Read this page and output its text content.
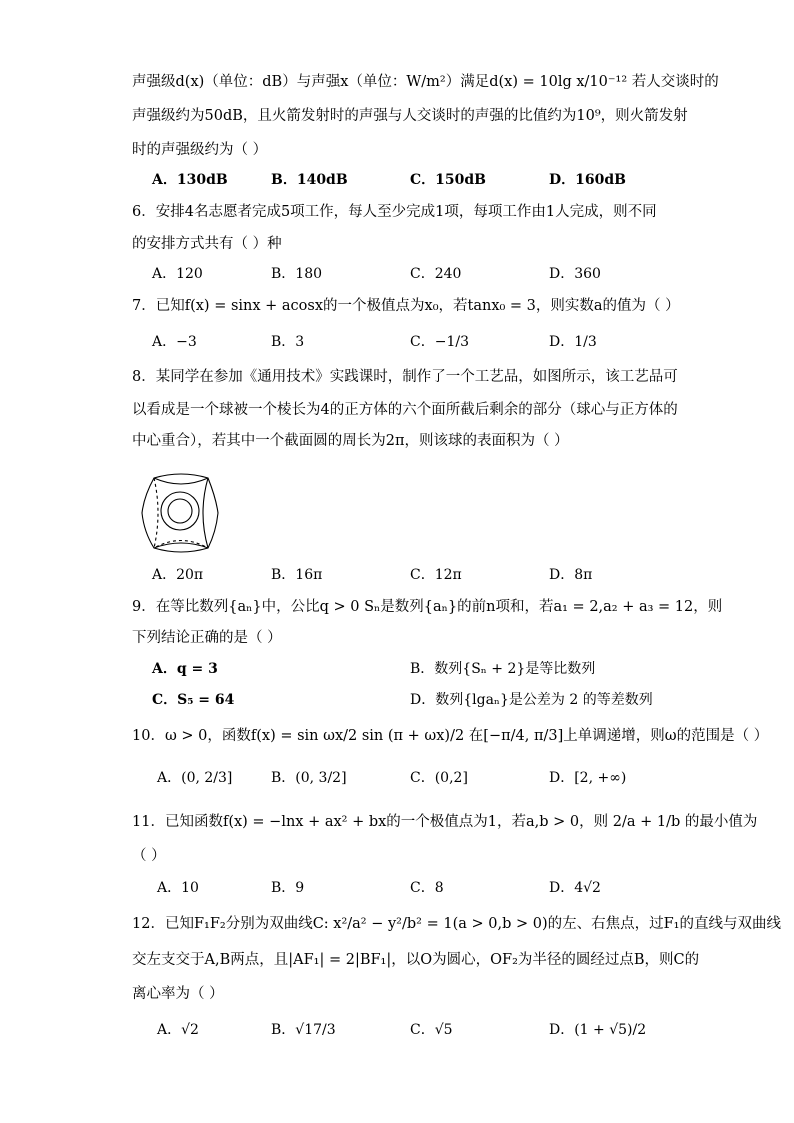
声强级d(x)（单位：dB）与声强x（单位：W/m²）满足d(x) = 10lg x/10⁻¹² 若人交谈时的
声强级约为50dB，且火箭发射时的声强与人交谈时的声强的比值约为10⁹，则火箭发射
时的声强级约为（ ）
A．130dB	B．140dB	C．150dB	D．160dB
6．安排4名志愿者完成5项工作，每人至少完成1项，每项工作由1人完成，则不同
的安排方式共有（ ）种
A．120	B．180	C．240	D．360
7．已知f(x) = sinx + acosx的一个极值点为x₀，若tanx₀ = 3，则实数a的值为（ ）
A．−3	B．3	C．−1/3	D．1/3
8．某同学在参加《通用技术》实践课时，制作了一个工艺品，如图所示，该工艺品可
以看成是一个球被一个棱长为4的正方体的六个面所截后剩余的部分（球心与正方体的
中心重合），若其中一个截面圆的周长为2π，则该球的表面积为（ ）
A．20π	B．16π	C．12π	D．8π
9．在等比数列{aₙ}中，公比q > 0 Sₙ是数列{aₙ}的前n项和，若a₁ = 2,a₂ + a₃ = 12，则
下列结论正确的是（ ）
A．q = 3	B．数列{Sₙ + 2}是等比数列
C．S₅ = 64	D．数列{lgaₙ}是公差为 2 的等差数列
10．ω > 0，函数f(x) = sin ωx/2 sin (π + ωx)/2 在[−π/4, π/3]上单调递增，则ω的范围是（ ）
A．(0, 2/3]	B．(0, 3/2]	C．(0,2]	D．[2, +∞)
11．已知函数f(x) = −lnx + ax² + bx的一个极值点为1，若a,b > 0，则 2/a + 1/b 的最小值为
（ ）
A．10	B．9	C．8	D．4√2
12．已知F₁F₂分别为双曲线C: x²/a² − y²/b² = 1(a > 0,b > 0)的左、右焦点，过F₁的直线与双曲线
交左支交于A,B两点，且|AF₁| = 2|BF₁|，以O为圆心，OF₂为半径的圆经过点B，则C的
离心率为（ ）
A．√2	B．√17/3	C．√5	D．(1 + √5)/2
